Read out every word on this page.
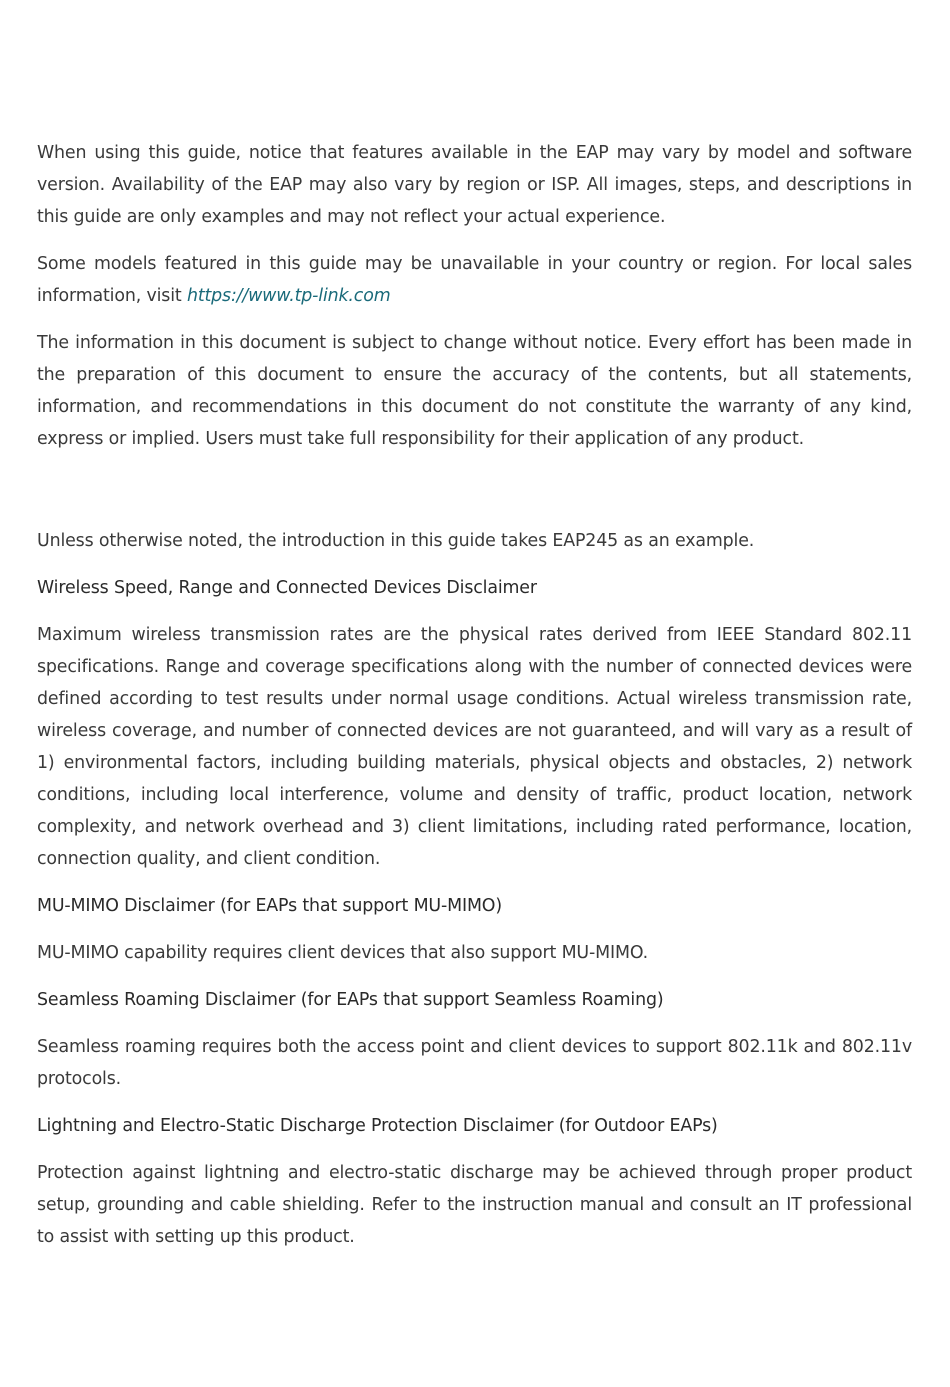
When using this guide, notice that features available in the EAP may vary by model and software version. Availability of the EAP may also vary by region or ISP. All images, steps, and descriptions in this guide are only examples and may not reflect your actual experience.

Some models featured in this guide may be unavailable in your country or region. For local sales information, visit https://www.tp-link.com

The information in this document is subject to change without notice. Every effort has been made in the preparation of this document to ensure the accuracy of the contents, but all statements, information, and recommendations in this document do not constitute the warranty of any kind, express or implied. Users must take full responsibility for their application of any product.

Unless otherwise noted, the introduction in this guide takes EAP245 as an example.

Wireless Speed, Range and Connected Devices Disclaimer

Maximum wireless transmission rates are the physical rates derived from IEEE Standard 802.11 specifications. Range and coverage specifications along with the number of connected devices were defined according to test results under normal usage conditions. Actual wireless transmission rate, wireless coverage, and number of connected devices are not guaranteed, and will vary as a result of 1) environmental factors, including building materials, physical objects and obstacles, 2) network conditions, including local interference, volume and density of traffic, product location, network complexity, and network overhead and 3) client limitations, including rated performance, location, connection quality, and client condition.

MU-MIMO Disclaimer (for EAPs that support MU-MIMO)

MU-MIMO capability requires client devices that also support MU-MIMO.

Seamless Roaming Disclaimer (for EAPs that support Seamless Roaming)

Seamless roaming requires both the access point and client devices to support 802.11k and 802.11v protocols.

Lightning and Electro-Static Discharge Protection Disclaimer (for Outdoor EAPs)

Protection against lightning and electro-static discharge may be achieved through proper product setup, grounding and cable shielding. Refer to the instruction manual and consult an IT professional to assist with setting up this product.
